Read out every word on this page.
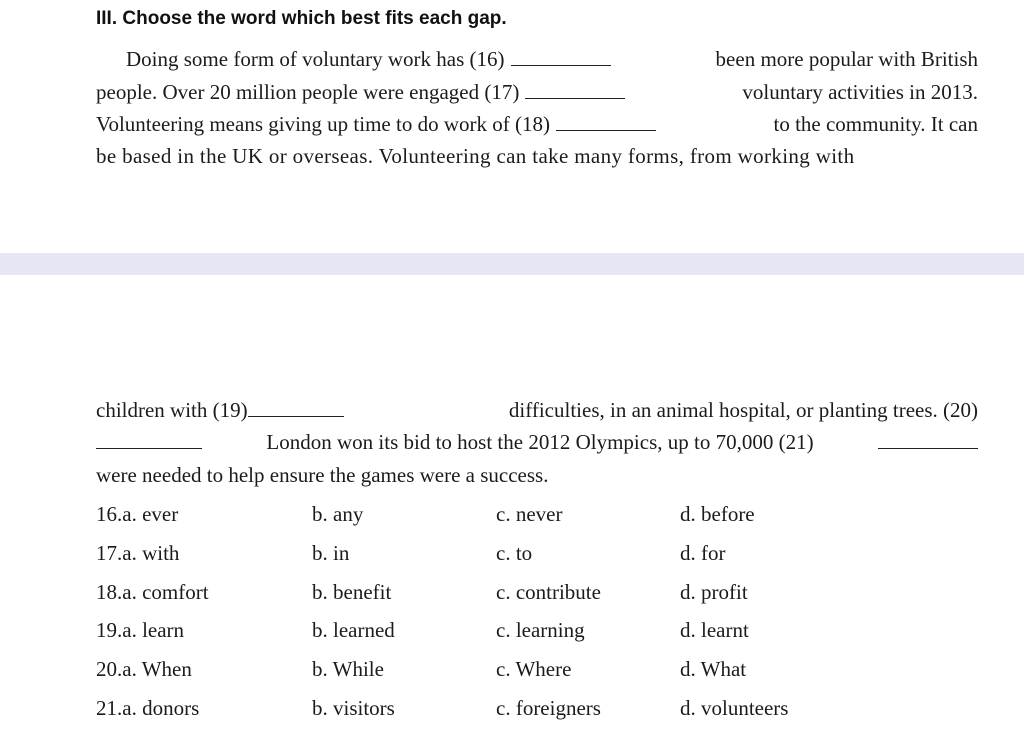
III. Choose the word which best fits each gap.
Doing some form of voluntary work has (16)	been more popular with British
people. Over 20 million people were engaged (17)	voluntary activities in 2013.
Volunteering means giving up time to do work of (18)	to the community. It can
be based in the UK or overseas. Volunteering can take many forms, from working with
children with (19)	difficulties, in an animal hospital, or planting trees. (20)
London won its bid to host the 2012 Olympics, up to 70,000 (21)
were needed to help ensure the games were a success.
16.a. ever	b. any	c. never	d. before
17.a. with	b. in	c. to	d. for
18.a. comfort	b. benefit	c. contribute	d. profit
19.a. learn	b. learned	c. learning	d. learnt
20.a. When	b. While	c. Where	d. What
21.a. donors	b. visitors	c. foreigners	d. volunteers
